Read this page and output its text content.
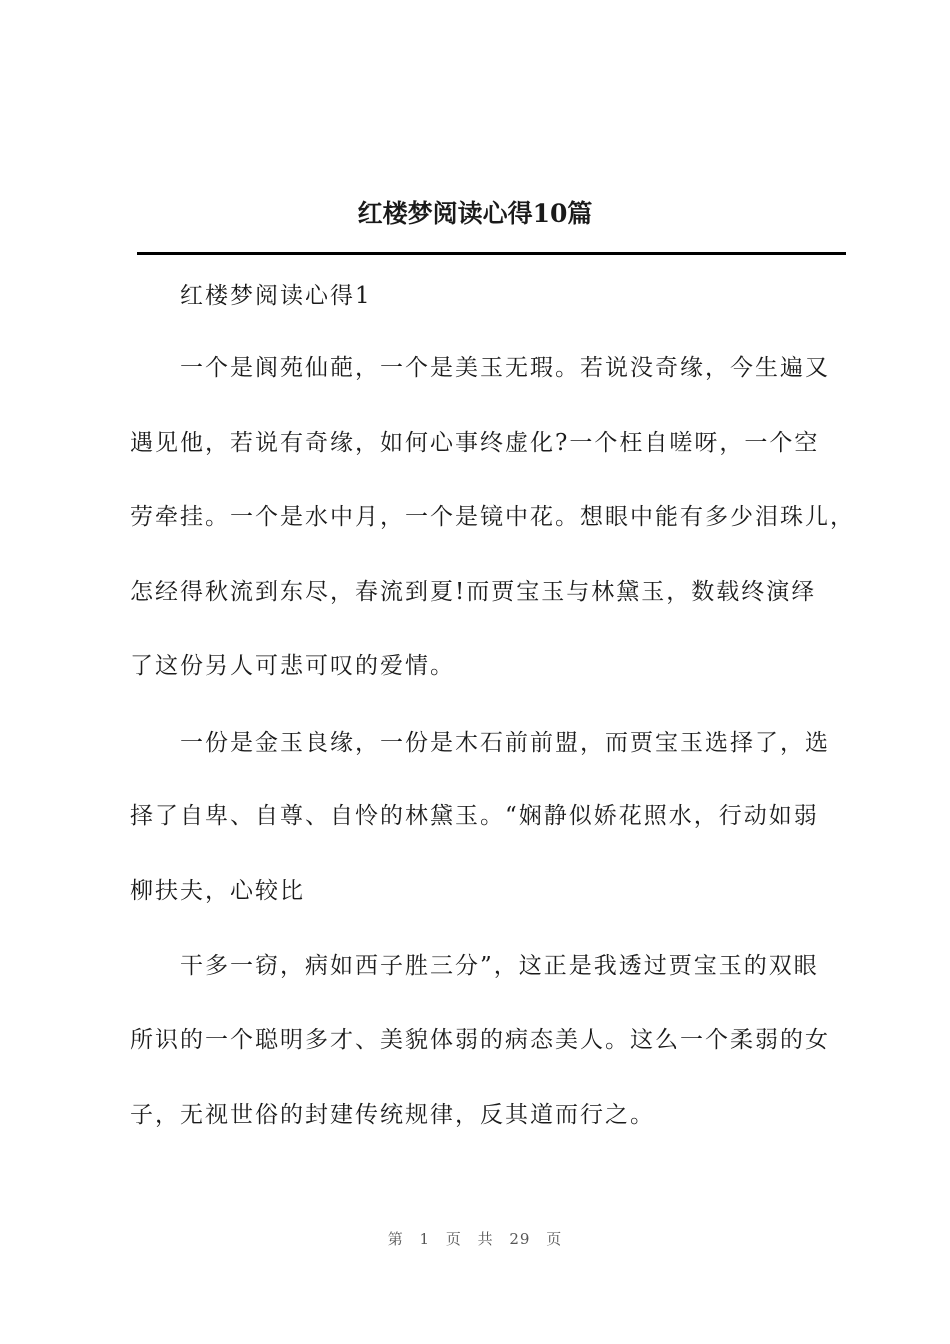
红楼梦阅读心得10篇
红楼梦阅读心得1
一个是阆苑仙葩，一个是美玉无瑕。若说没奇缘，今生遍又
遇见他，若说有奇缘，如何心事终虚化?一个枉自嗟呀，一个空
劳牵挂。一个是水中月，一个是镜中花。想眼中能有多少泪珠儿，
怎经得秋流到东尽，春流到夏!而贾宝玉与林黛玉，数载终演绎
了这份另人可悲可叹的爱情。
一份是金玉良缘，一份是木石前前盟，而贾宝玉选择了，选
择了自卑、自尊、自怜的林黛玉。“娴静似娇花照水，行动如弱
柳扶夫，心较比
干多一窃，病如西子胜三分”，这正是我透过贾宝玉的双眼
所识的一个聪明多才、美貌体弱的病态美人。这么一个柔弱的女
子，无视世俗的封建传统规律，反其道而行之。
第 1 页 共 29 页
